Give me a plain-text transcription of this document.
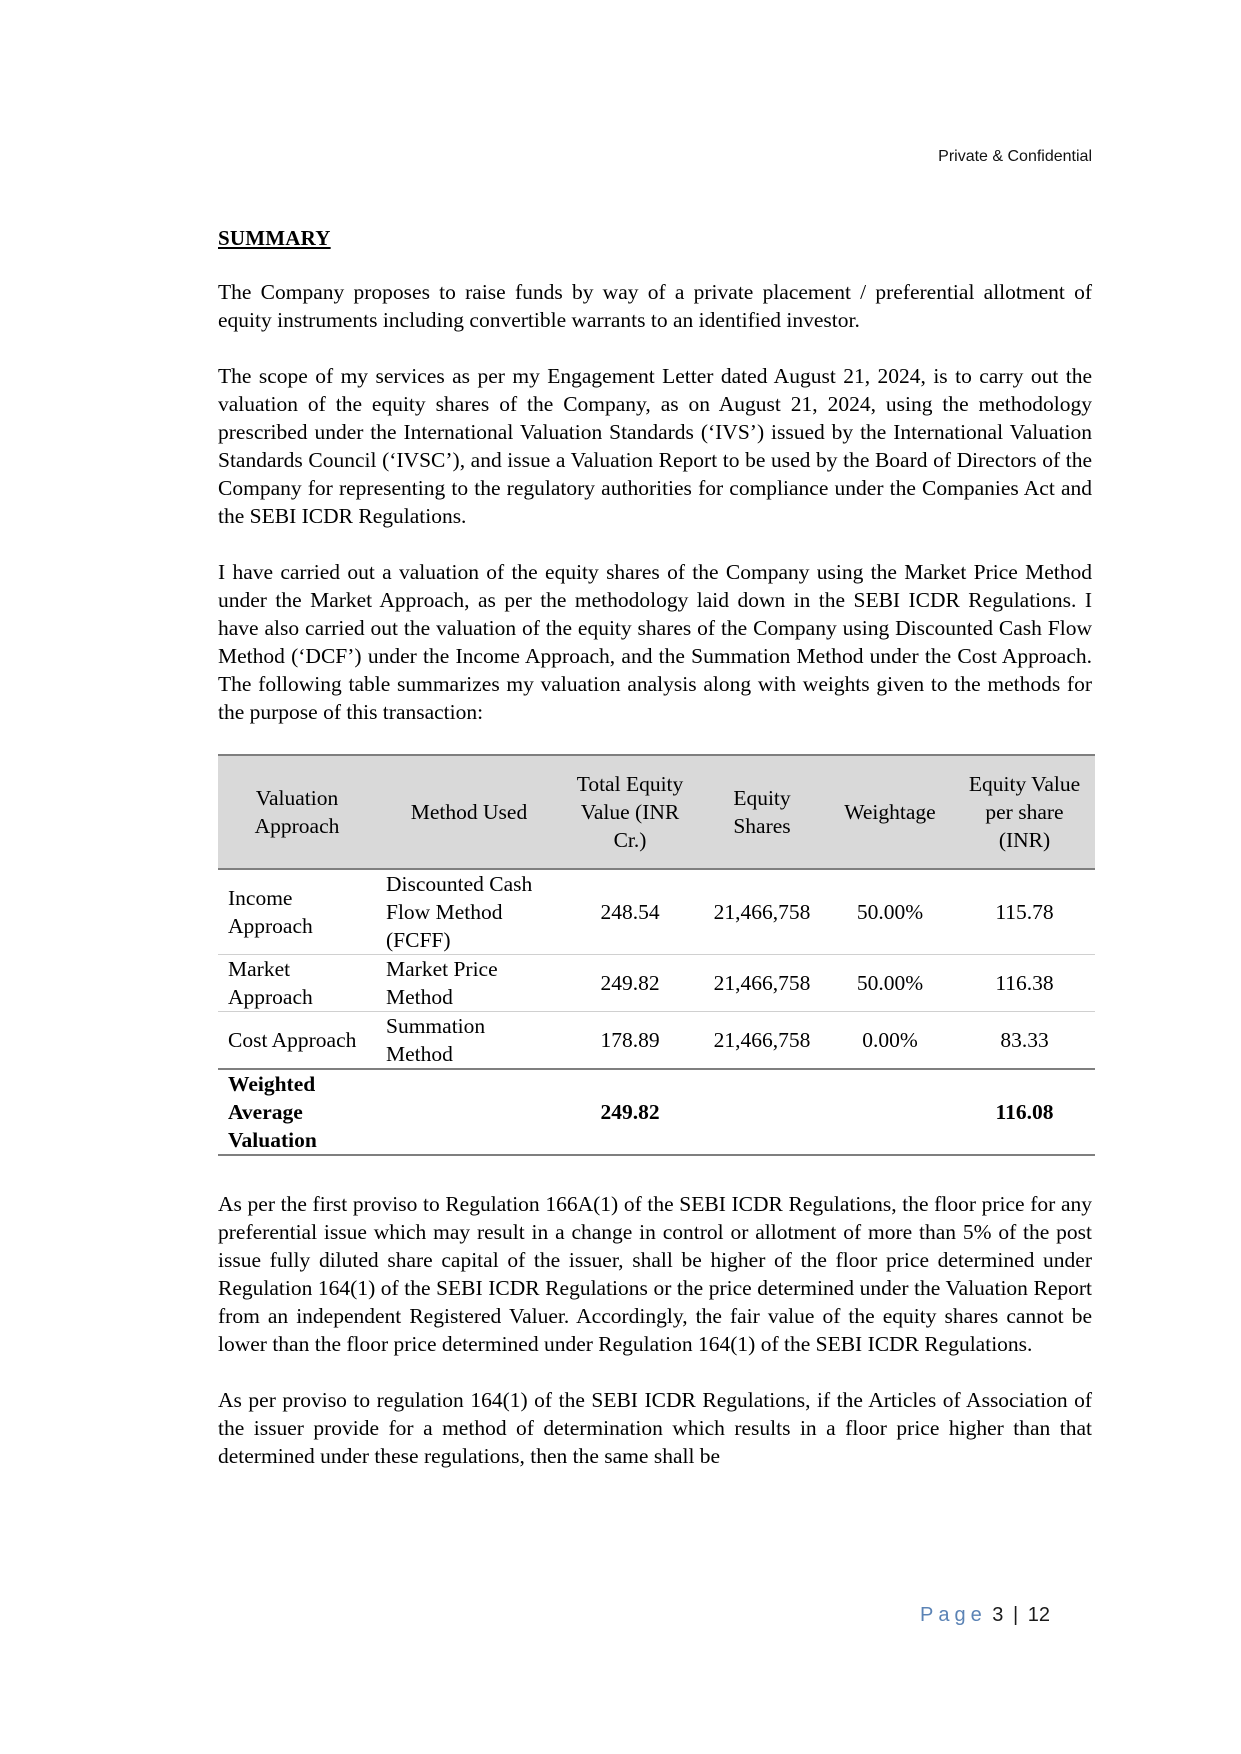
Private & Confidential
SUMMARY

The Company proposes to raise funds by way of a private placement / preferential allotment of equity instruments including convertible warrants to an identified investor.

The scope of my services as per my Engagement Letter dated August 21, 2024, is to carry out the valuation of the equity shares of the Company, as on August 21, 2024, using the methodology prescribed under the International Valuation Standards (‘IVS’) issued by the International Valuation Standards Council (‘IVSC’), and issue a Valuation Report to be used by the Board of Directors of the Company for representing to the regulatory authorities for compliance under the Companies Act and the SEBI ICDR Regulations.

I have carried out a valuation of the equity shares of the Company using the Market Price Method under the Market Approach, as per the methodology laid down in the SEBI ICDR Regulations. I have also carried out the valuation of the equity shares of the Company using Discounted Cash Flow Method (‘DCF’) under the Income Approach, and the Summation Method under the Cost Approach. The following table summarizes my valuation analysis along with weights given to the methods for the purpose of this transaction:

Valuation Approach	Method Used	Total Equity Value (INR Cr.)	Equity Shares	Weightage	Equity Value per share (INR)
Income Approach	Discounted Cash Flow Method (FCFF)	248.54	21,466,758	50.00%	115.78
Market Approach	Market Price Method	249.82	21,466,758	50.00%	116.38
Cost Approach	Summation Method	178.89	21,466,758	0.00%	83.33
Weighted Average Valuation		249.82			116.08

As per the first proviso to Regulation 166A(1) of the SEBI ICDR Regulations, the floor price for any preferential issue which may result in a change in control or allotment of more than 5% of the post issue fully diluted share capital of the issuer, shall be higher of the floor price determined under Regulation 164(1) of the SEBI ICDR Regulations or the price determined under the Valuation Report from an independent Registered Valuer. Accordingly, the fair value of the equity shares cannot be lower than the floor price determined under Regulation 164(1) of the SEBI ICDR Regulations.

As per proviso to regulation 164(1) of the SEBI ICDR Regulations, if the Articles of Association of the issuer provide for a method of determination which results in a floor price higher than that determined under these regulations, then the same shall be

Page 3 | 12
